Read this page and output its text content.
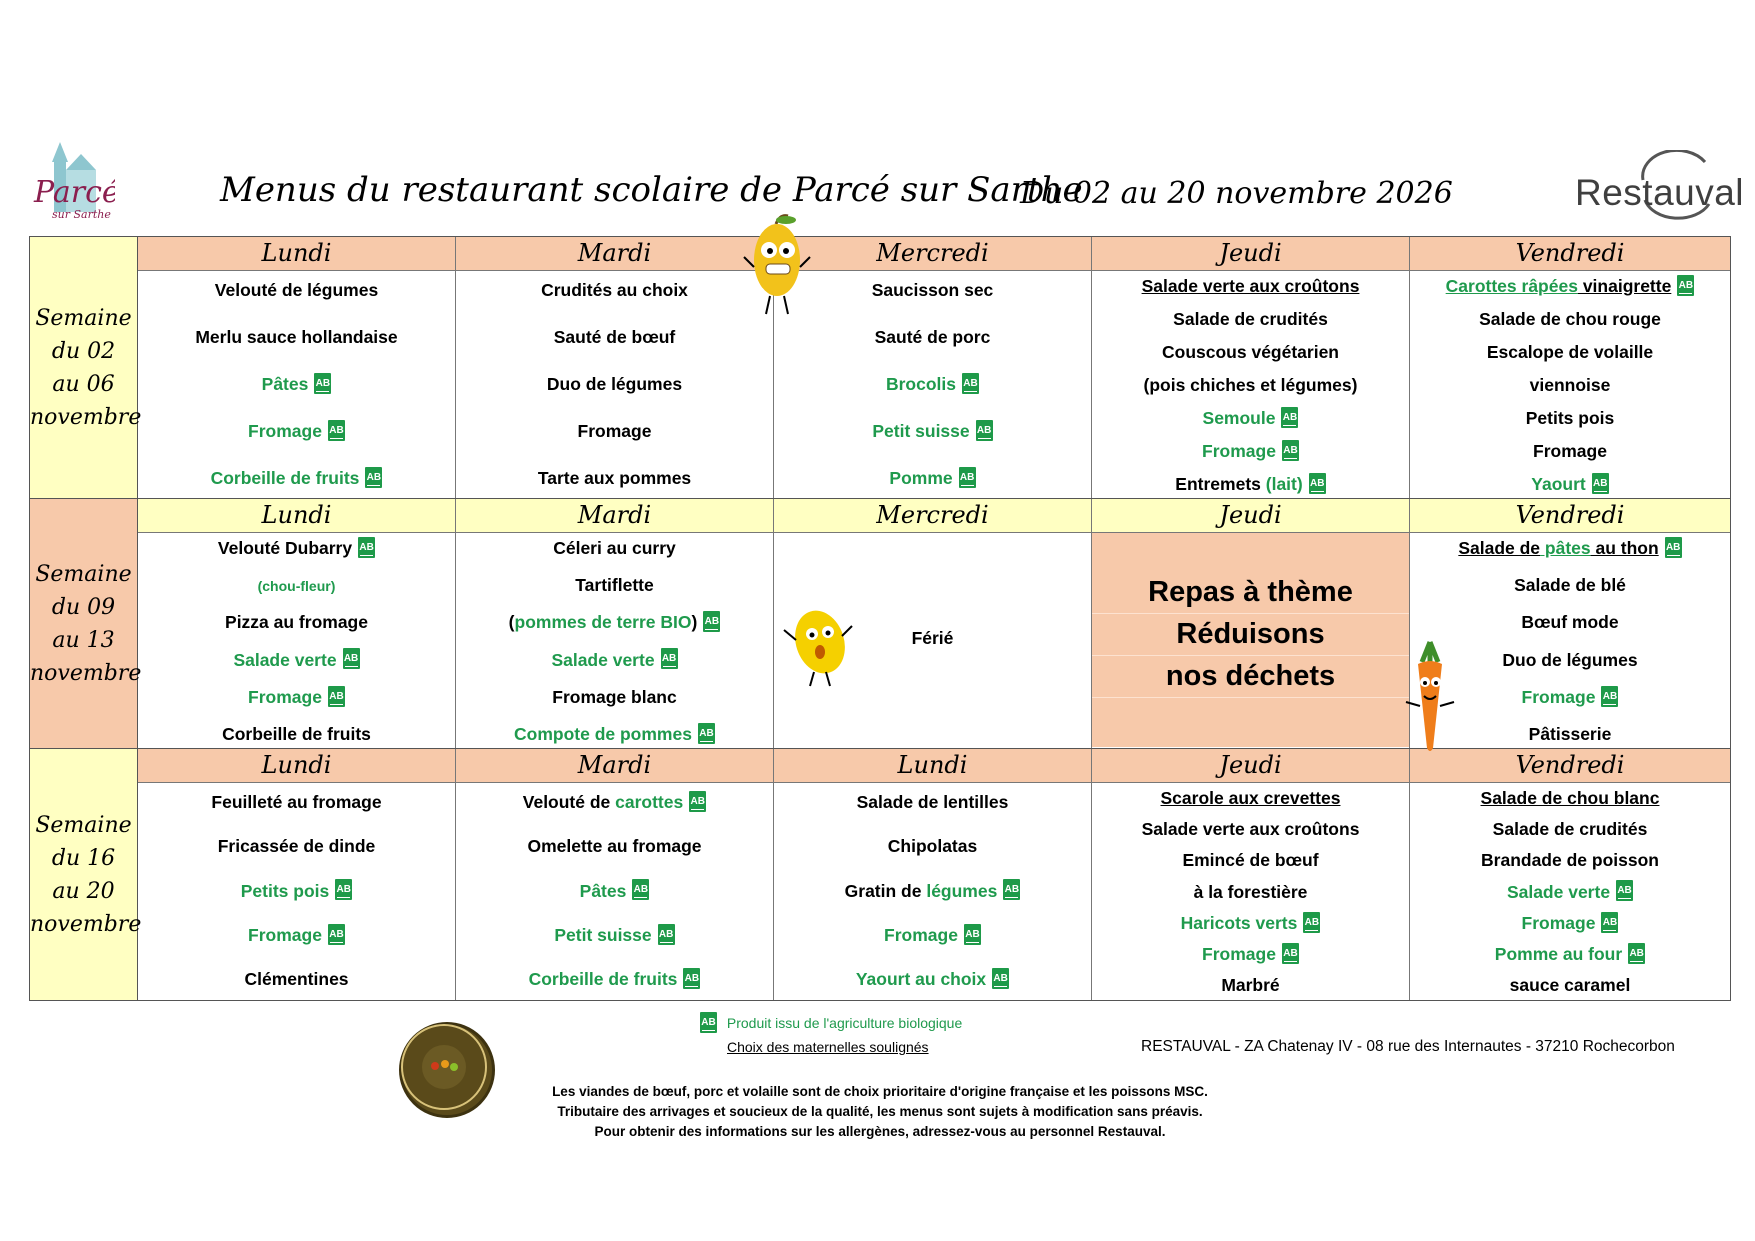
Parcé
sur Sarthe
Menus du restaurant scolaire de Parcé sur Sarthe
Du 02 au 20 novembre 2026	Restauval
Semaine
du 02
au 06
novembre
Lundi
Velouté de légumes
Merlu sauce hollandaise
Pâtes AB
Fromage AB
Corbeille de fruits AB
Mardi
Crudités au choix
Sauté de bœuf
Duo de légumes
Fromage
Tarte aux pommes
Mercredi
Saucisson sec
Sauté de porc
Brocolis AB
Petit suisse AB
Pomme AB
Jeudi
Salade verte aux croûtons
Salade de crudités
Couscous végétarien
(pois chiches et légumes)
Semoule AB
Fromage AB
Entremets (lait) AB
Vendredi
Carottes râpées vinaigrette AB
Salade de chou rouge
Escalope de volaille
viennoise
Petits pois
Fromage
Yaourt AB
Semaine
du 09
au 13
novembre
Lundi
Velouté Dubarry AB
(chou-fleur)
Pizza au fromage
Salade verte AB
Fromage AB
Corbeille de fruits
Mardi
Céleri au curry
Tartiflette
(pommes de terre BIO) AB
Salade verte AB
Fromage blanc
Compote de pommes AB
Mercredi
Férié
Jeudi
Repas à thème
Réduisons
nos déchets
Vendredi
Salade de pâtes au thon AB
Salade de blé
Bœuf mode
Duo de légumes
Fromage AB
Pâtisserie
Semaine
du 16
au 20
novembre
Lundi
Feuilleté au fromage
Fricassée de dinde
Petits pois AB
Fromage AB
Clémentines
Mardi
Velouté de carottes AB
Omelette au fromage
Pâtes AB
Petit suisse AB
Corbeille de fruits AB
Lundi
Salade de lentilles
Chipolatas
Gratin de légumes AB
Fromage AB
Yaourt au choix AB
Jeudi
Scarole aux crevettes
Salade verte aux croûtons
Emincé de bœuf
à la forestière
Haricots verts AB
Fromage AB
Marbré
Vendredi
Salade de chou blanc
Salade de crudités
Brandade de poisson
Salade verte AB
Fromage AB
Pomme au four AB
sauce caramel
AB Produit issu de l'agriculture biologique
Choix des maternelles soulignés	RESTAUVAL - ZA Chatenay IV - 08 rue des Internautes - 37210 Rochecorbon
Les viandes de bœuf, porc et volaille sont de choix prioritaire d'origine française et les poissons MSC.
Tributaire des arrivages et soucieux de la qualité, les menus sont sujets à modification sans préavis.
Pour obtenir des informations sur les allergènes, adressez-vous au personnel Restauval.
